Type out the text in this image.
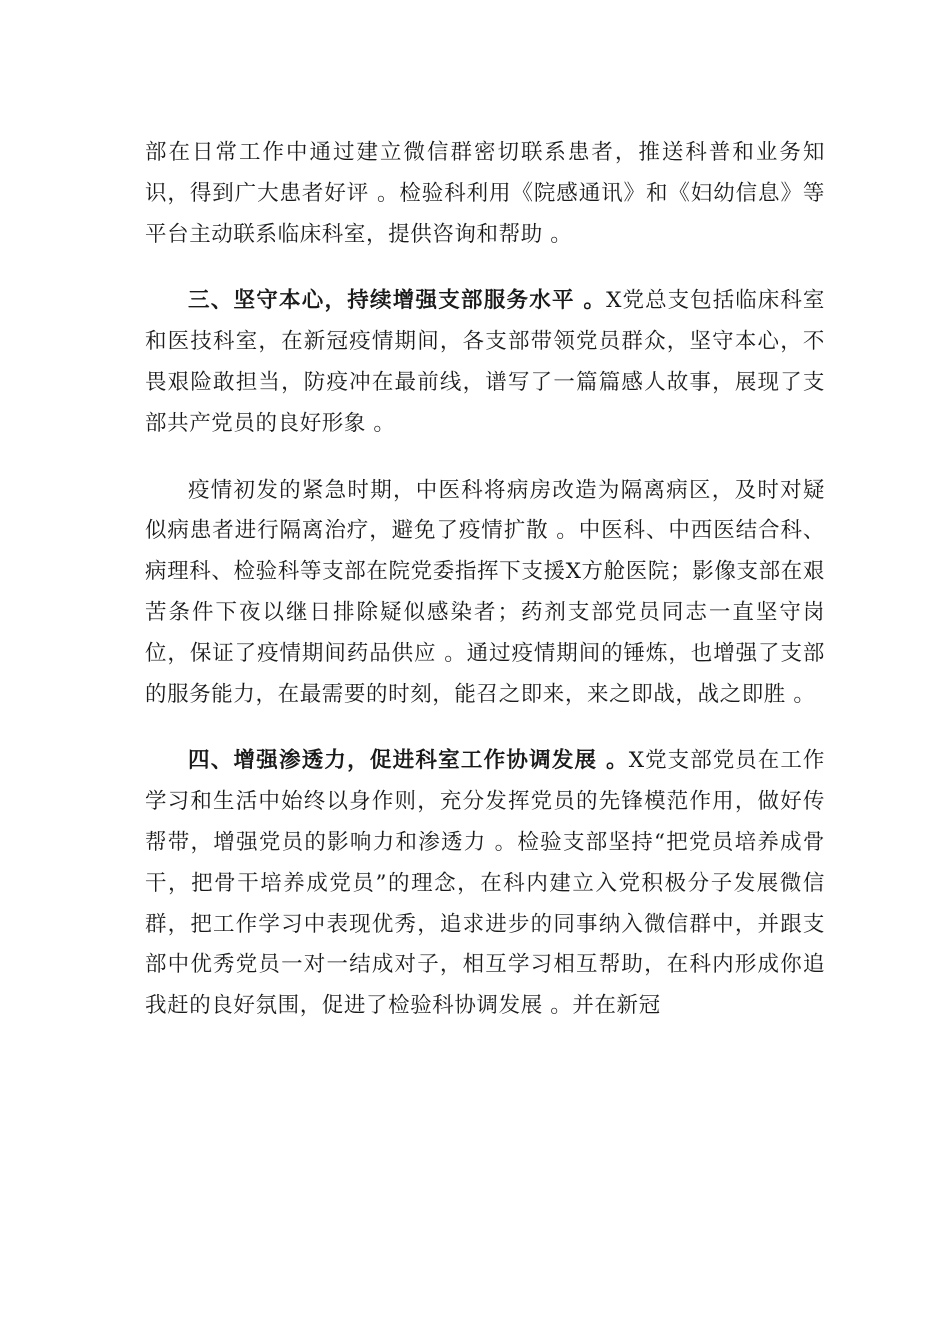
部在日常工作中通过建立微信群密切联系患者，推送科普和业务知识，得到广大患者好评 。检验科利用《院感通讯》和《妇幼信息》等平台主动联系临床科室，提供咨询和帮助 。

三、坚守本心，持续增强支部服务水平 。X党总支包括临床科室和医技科室，在新冠疫情期间，各支部带领党员群众，坚守本心，不畏艰险敢担当，防疫冲在最前线，谱写了一篇篇感人故事，展现了支部共产党员的良好形象 。

疫情初发的紧急时期，中医科将病房改造为隔离病区，及时对疑似病患者进行隔离治疗，避免了疫情扩散 。中医科、中西医结合科、病理科、检验科等支部在院党委指挥下支援X方舱医院；影像支部在艰苦条件下夜以继日排除疑似感染者；药剂支部党员同志一直坚守岗位，保证了疫情期间药品供应 。通过疫情期间的锤炼，也增强了支部的服务能力，在最需要的时刻，能召之即来，来之即战，战之即胜 。

四、增强渗透力，促进科室工作协调发展 。X党支部党员在工作学习和生活中始终以身作则，充分发挥党员的先锋模范作用，做好传帮带，增强党员的影响力和渗透力 。检验支部坚持“把党员培养成骨干，把骨干培养成党员”的理念，在科内建立入党积极分子发展微信群，把工作学习中表现优秀，追求进步的同事纳入微信群中，并跟支部中优秀党员一对一结成对子，相互学习相互帮助，在科内形成你追我赶的良好氛围，促进了检验科协调发展 。并在新冠
